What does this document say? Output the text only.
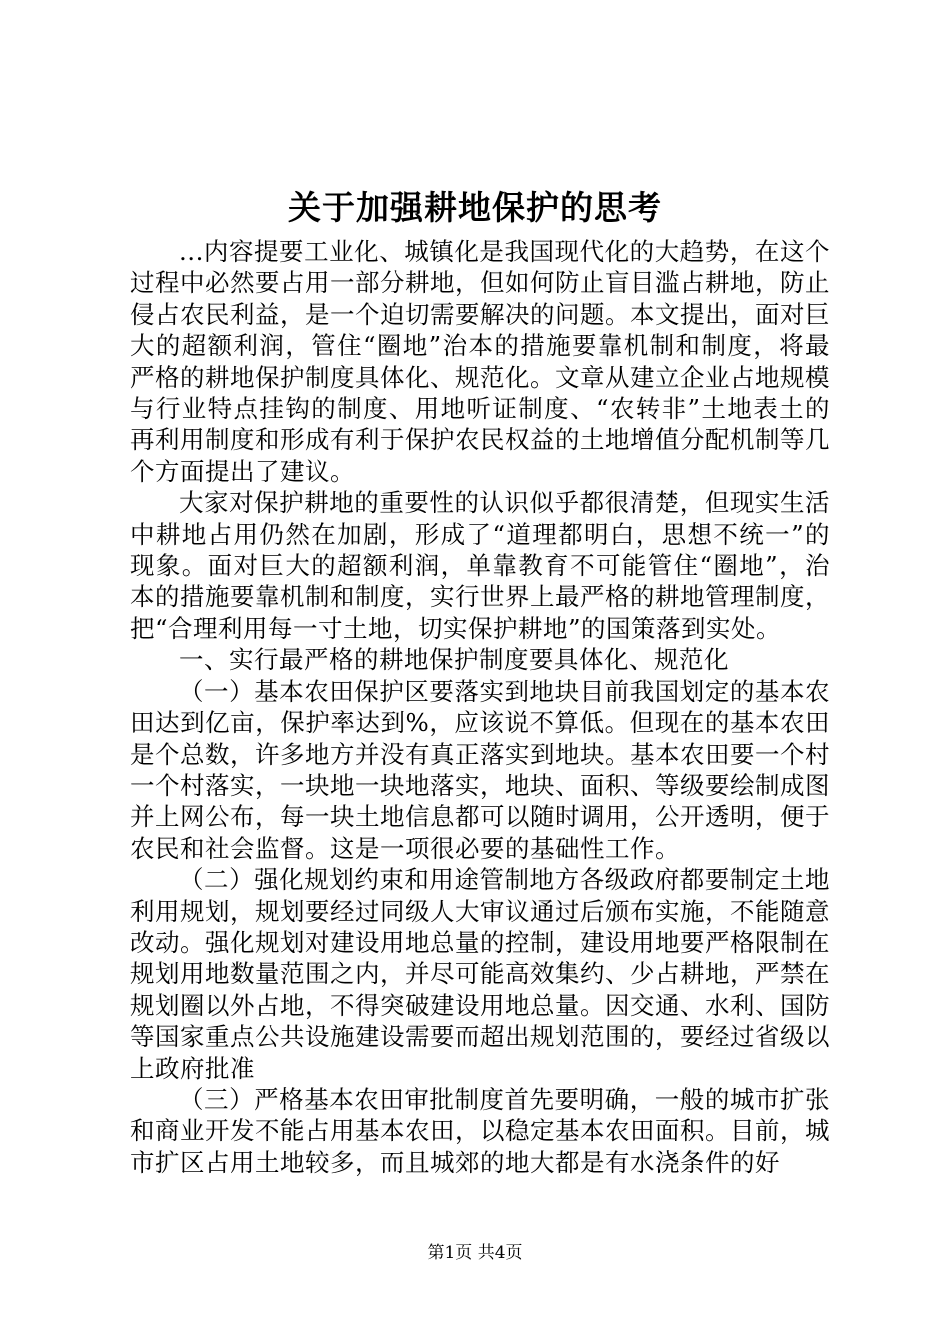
关于加强耕地保护的思考

...内容提要工业化、城镇化是我国现代化的大趋势，在这个过程中必然要占用一部分耕地，但如何防止盲目滥占耕地，防止侵占农民利益，是一个迫切需要解决的问题。本文提出，面对巨大的超额利润，管住“圈地”治本的措施要靠机制和制度，将最严格的耕地保护制度具体化、规范化。文章从建立企业占地规模与行业特点挂钩的制度、用地听证制度、“农转非”土地表土的再利用制度和形成有利于保护农民权益的土地增值分配机制等几个方面提出了建议。

大家对保护耕地的重要性的认识似乎都很清楚，但现实生活中耕地占用仍然在加剧，形成了“道理都明白，思想不统一”的现象。面对巨大的超额利润，单靠教育不可能管住“圈地”，治本的措施要靠机制和制度，实行世界上最严格的耕地管理制度，把“合理利用每一寸土地，切实保护耕地”的国策落到实处。

一、实行最严格的耕地保护制度要具体化、规范化

（一）基本农田保护区要落实到地块目前我国划定的基本农田达到亿亩，保护率达到%，应该说不算低。但现在的基本农田是个总数，许多地方并没有真正落实到地块。基本农田要一个村一个村落实，一块地一块地落实，地块、面积、等级要绘制成图并上网公布，每一块土地信息都可以随时调用，公开透明，便于农民和社会监督。这是一项很必要的基础性工作。

（二）强化规划约束和用途管制地方各级政府都要制定土地利用规划，规划要经过同级人大审议通过后颁布实施，不能随意改动。强化规划对建设用地总量的控制，建设用地要严格限制在规划用地数量范围之内，并尽可能高效集约、少占耕地，严禁在规划圈以外占地，不得突破建设用地总量。因交通、水利、国防等国家重点公共设施建设需要而超出规划范围的，要经过省级以上政府批准

（三）严格基本农田审批制度首先要明确，一般的城市扩张和商业开发不能占用基本农田，以稳定基本农田面积。目前，城市扩区占用土地较多，而且城郊的地大都是有水浇条件的好

第1页 共4页
